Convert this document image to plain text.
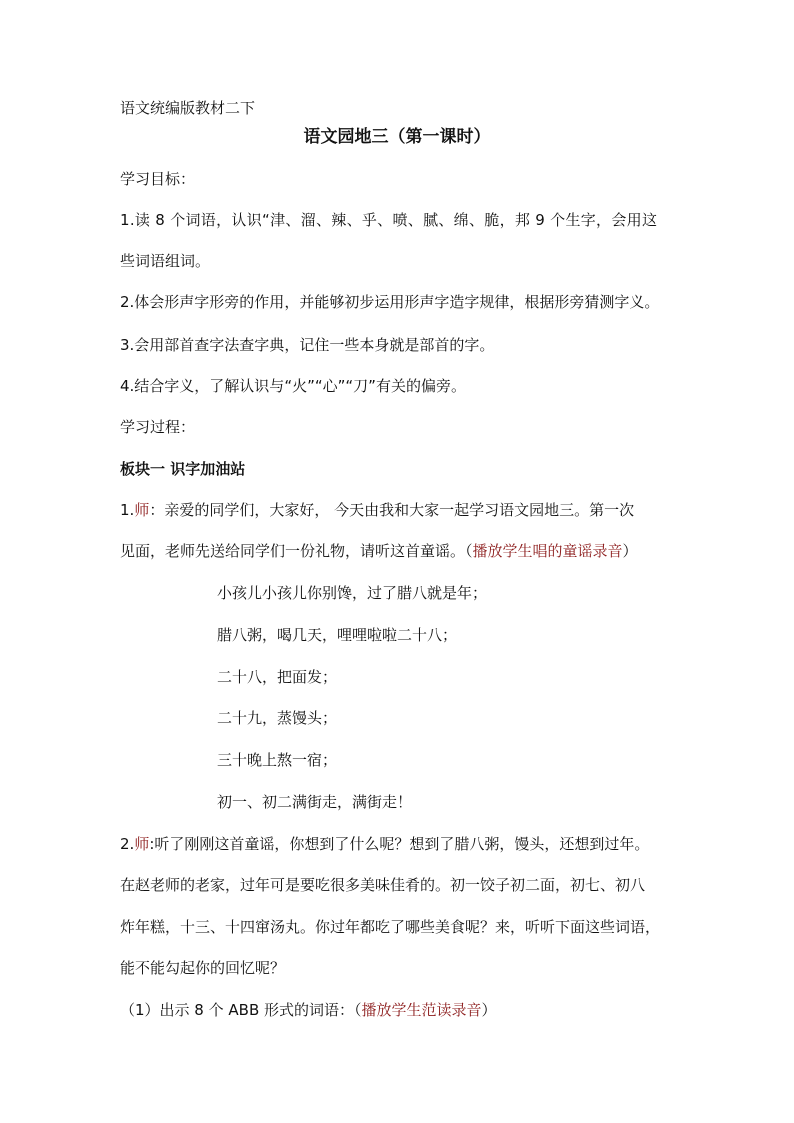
语文统编版教材二下
语文园地三（第一课时）
学习目标：
1.读 8 个词语，认识“津、溜、辣、乎、喷、腻、绵、脆，邦 9 个生字，会用这
些词语组词。
2.体会形声字形旁的作用，并能够初步运用形声字造字规律，根据形旁猜测字义。
3.会用部首查字法查字典，记住一些本身就是部首的字。
4.结合字义，了解认识与“火”“心”“刀”有关的偏旁。
学习过程：
板块一 识字加油站
1.师：亲爱的同学们，大家好， 今天由我和大家一起学习语文园地三。第一次
见面，老师先送给同学们一份礼物，请听这首童谣。（播放学生唱的童谣录音）
小孩儿小孩儿你别馋，过了腊八就是年；
腊八粥，喝几天，哩哩啦啦二十八；
二十八，把面发；
二十九，蒸馒头；
三十晚上熬一宿；
初一、初二满街走，满街走！
2.师:听了刚刚这首童谣，你想到了什么呢？想到了腊八粥，馒头，还想到过年。
在赵老师的老家，过年可是要吃很多美味佳肴的。初一饺子初二面，初七、初八
炸年糕，十三、十四窜汤丸。你过年都吃了哪些美食呢？来，听听下面这些词语，
能不能勾起你的回忆呢？
（1）出示 8 个 ABB 形式的词语：（播放学生范读录音）
